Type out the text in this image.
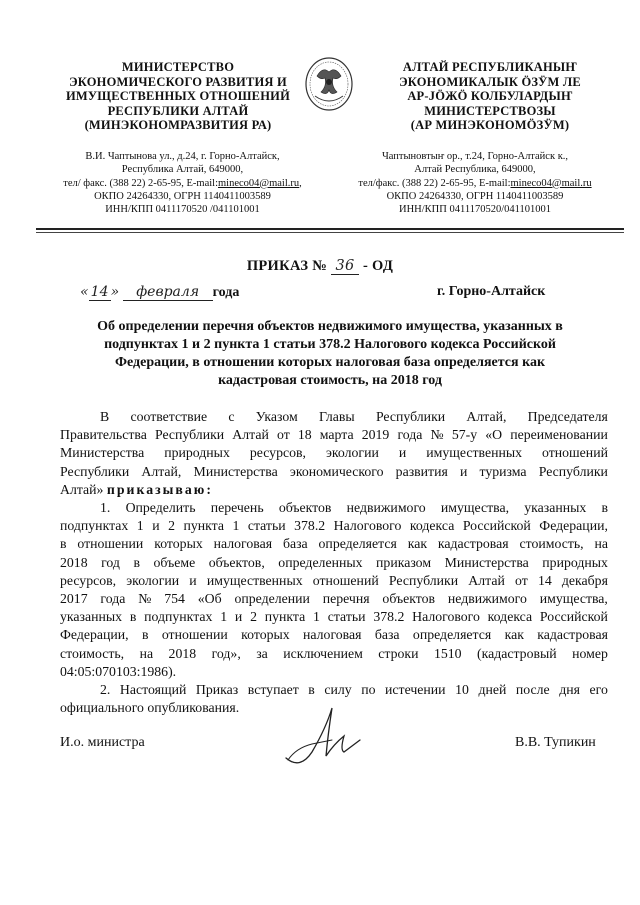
МИНИСТЕРСТВО
ЭКОНОМИЧЕСКОГО РАЗВИТИЯ И
ИМУЩЕСТВЕННЫХ ОТНОШЕНИЙ
РЕСПУБЛИКИ АЛТАЙ
(МИНЭКОНОМРАЗВИТИЯ РА)
АЛТАЙ РЕСПУБЛИКАНЫҤ
ЭКОНОМИКАЛЫК ӦЗӰМ ЛЕ
АР-ЈӦЖӦ КОЛБУЛАРДЫҤ
МИНИСТЕРСТВОЗЫ
(АР МИНЭКОНОМӦЗӰМ)
В.И. Чаптынова ул., д.24, г. Горно-Алтайск,
Республика Алтай, 649000,
тел/ факс. (388 22) 2-65-95, E-mail:mineco04@mail.ru,
ОКПО 24264330, ОГРН 1140411003589
ИНН/КПП 0411170520 /041101001
Чаптыновтыҥ ор., т.24, Горно-Алтайск к.,
Алтай Республика, 649000,
тел/факс. (388 22) 2-65-95, E-mail:mineco04@mail.ru
ОКПО 24264330, ОГРН 1140411003589
ИНН/КПП 0411170520/041101001
ПРИКАЗ № 36 - ОД
« 14 » февраля года	г. Горно-Алтайск
Об определении перечня объектов недвижимого имущества, указанных в
подпунктах 1 и 2 пункта 1 статьи 378.2 Налогового кодекса Российской
Федерации, в отношении которых налоговая база определяется как
кадастровая стоимость, на 2018 год
В соответствие с Указом Главы Республики Алтай, Председателя
Правительства Республики Алтай от 18 марта 2019 года № 57-у «О переименовании
Министерства природных ресурсов, экологии и имущественных отношений
Республики Алтай, Министерства экономического развития и туризма Республики
Алтай» приказываю:
1. Определить перечень объектов недвижимого имущества, указанных в
подпунктах 1 и 2 пункта 1 статьи 378.2 Налогового кодекса Российской Федерации,
в отношении которых налоговая база определяется как кадастровая стоимость, на
2018 год в объеме объектов, определенных приказом Министерства природных
ресурсов, экологии и имущественных отношений Республики Алтай от 14 декабря
2017 года № 754 «Об определении перечня объектов недвижимого имущества,
указанных в подпунктах 1 и 2 пункта 1 статьи 378.2 Налогового кодекса Российской
Федерации, в отношении которых налоговая база определяется как кадастровая
стоимость, на 2018 год», за исключением строки 1510 (кадастровый номер
04:05:070103:1986).
2. Настоящий Приказ вступает в силу по истечении 10 дней после дня его
официального опубликования.
И.о. министра	В.В. Тупикин
